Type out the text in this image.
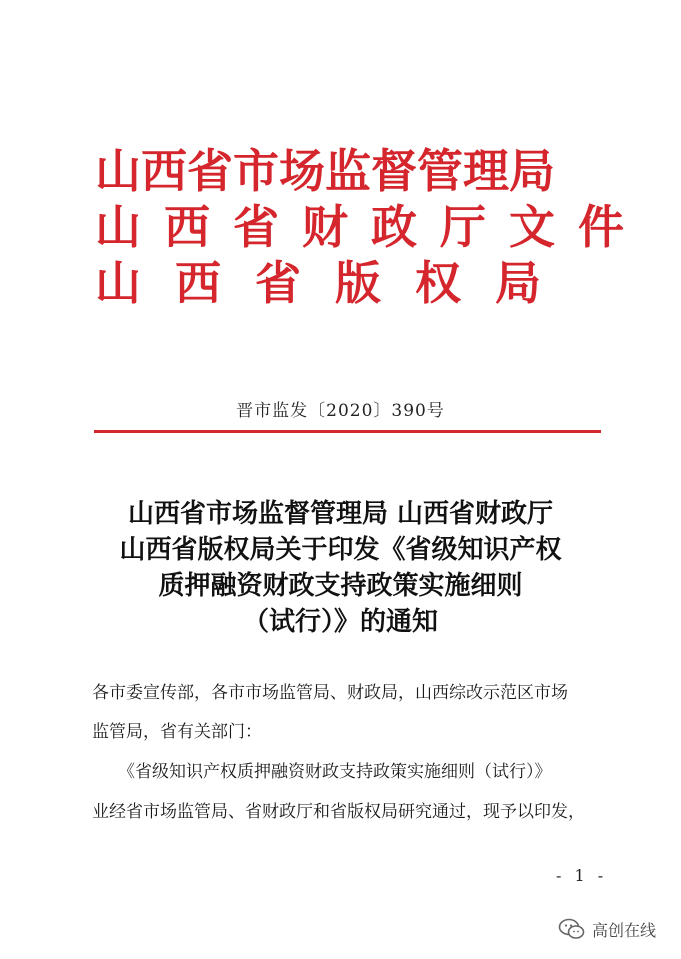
山西省市场监督管理局
山西省财政厅文件
山西省版权局
晋市监发〔2020〕390号
山西省市场监督管理局 山西省财政厅
山西省版权局关于印发《省级知识产权
质押融资财政支持政策实施细则
（试行）》的通知
各市委宣传部，各市市场监管局、财政局，山西综改示范区市场
监管局，省有关部门：
《省级知识产权质押融资财政支持政策实施细则（试行）》
业经省市场监管局、省财政厅和省版权局研究通过，现予以印发，
- 1 -
高创在线
